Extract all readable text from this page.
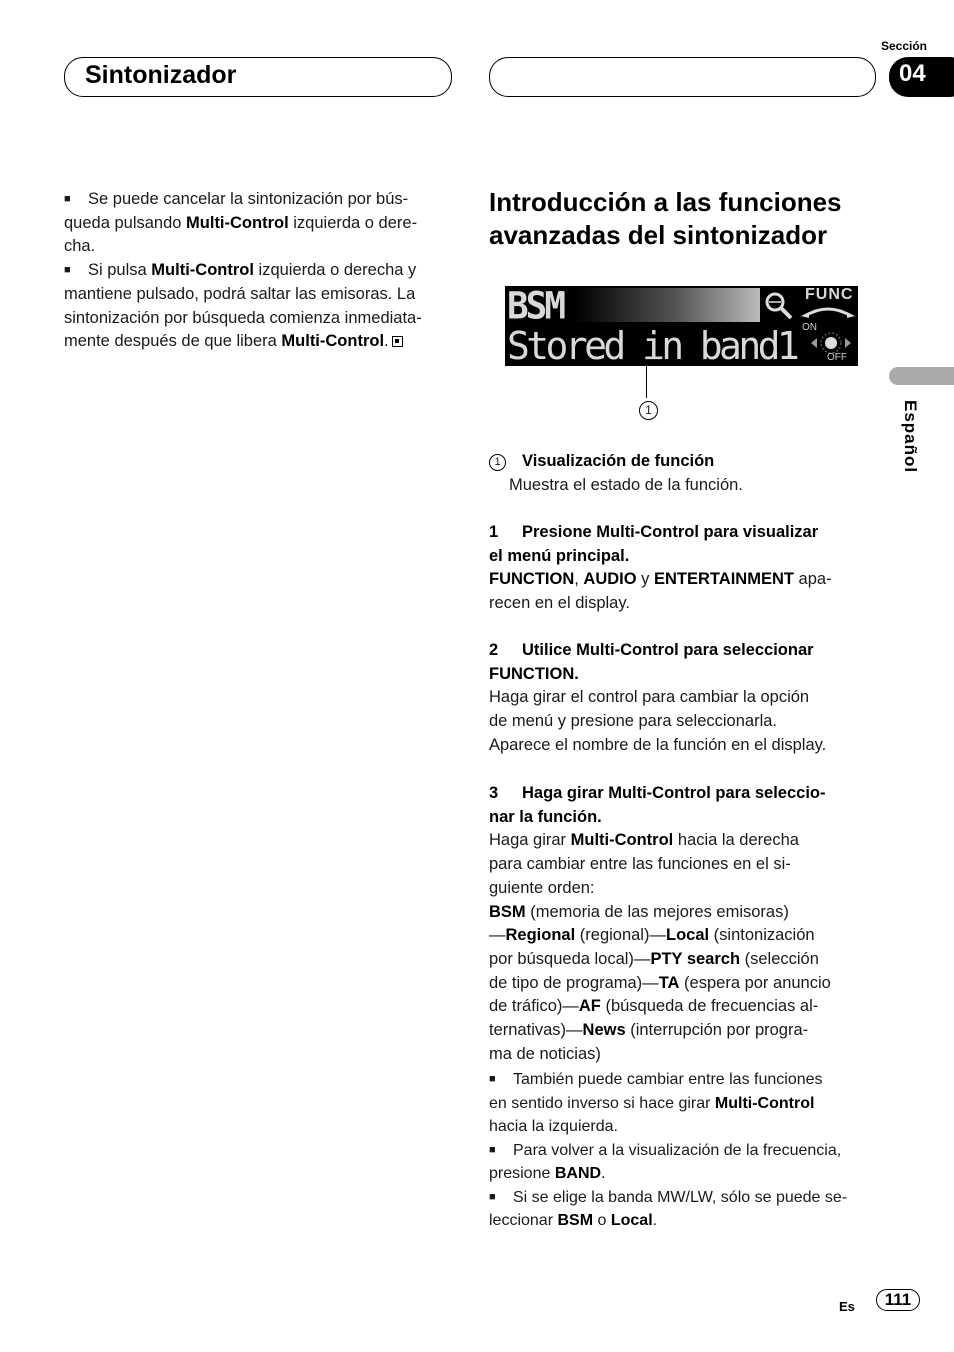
Sintonizador
Sección
04
Español
■ Se puede cancelar la sintonización por bús-
queda pulsando Multi-Control izquierda o dere-
cha.
■ Si pulsa Multi-Control izquierda o derecha y
mantiene pulsado, podrá saltar las emisoras. La
sintonización por búsqueda comienza inmediata-
mente después de que libera Multi-Control.
Introducción a las funciones
avanzadas del sintonizador
BSM	FUNC
Stored in band1 ON
OFF
1
1 Visualización de función
Muestra el estado de la función.
1 Presione Multi-Control para visualizar
el menú principal.
FUNCTION, AUDIO y ENTERTAINMENT apa-
recen en el display.
2 Utilice Multi-Control para seleccionar
FUNCTION.
Haga girar el control para cambiar la opción
de menú y presione para seleccionarla.
Aparece el nombre de la función en el display.
3 Haga girar Multi-Control para seleccio-
nar la función.
Haga girar Multi-Control hacia la derecha
para cambiar entre las funciones en el si-
guiente orden:
BSM (memoria de las mejores emisoras)
—Regional (regional)—Local (sintonización
por búsqueda local)—PTY search (selección
de tipo de programa)—TA (espera por anuncio
de tráfico)—AF (búsqueda de frecuencias al-
ternativas)—News (interrupción por progra-
ma de noticias)
■ También puede cambiar entre las funciones
en sentido inverso si hace girar Multi-Control
hacia la izquierda.
■ Para volver a la visualización de la frecuencia,
presione BAND.
■ Si se elige la banda MW/LW, sólo se puede se-
leccionar BSM o Local.
Es	111
